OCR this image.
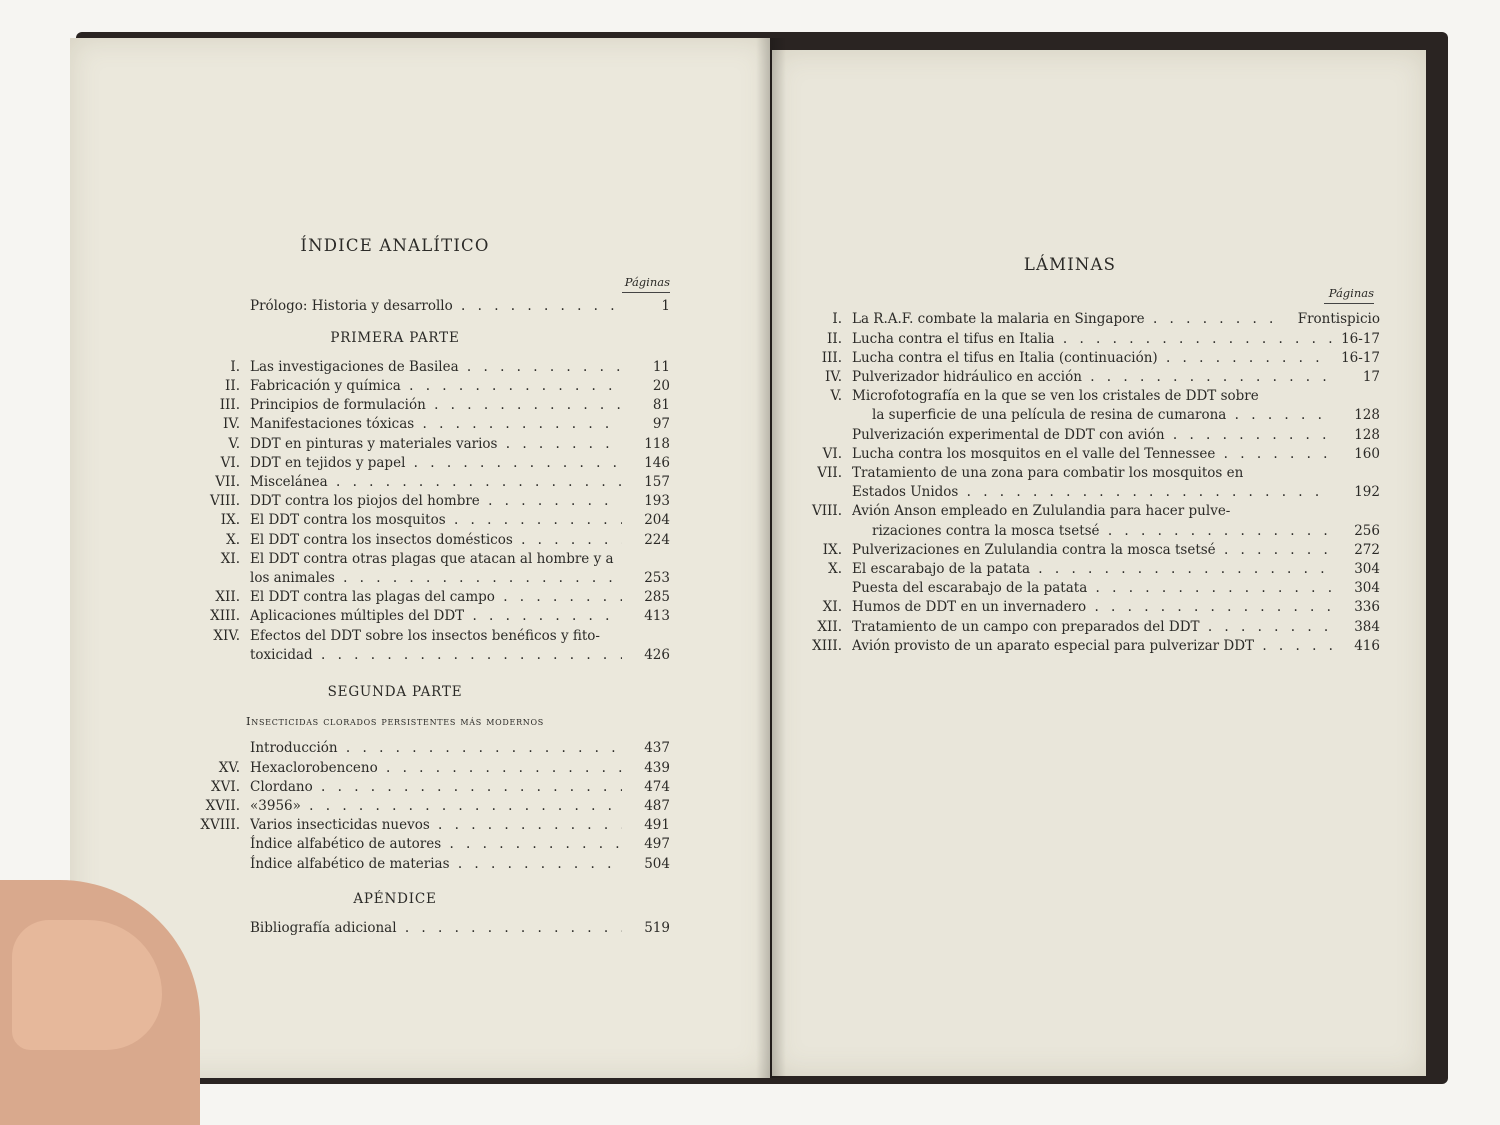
ÍNDICE ANALÍTICO
Páginas
Prólogo: Historia y desarrollo . . .	1
PRIMERA PARTE
I. Las investigaciones de Basilea . . .	11
II. Fabricación y química . . .	20
III. Principios de formulación . . .	81
IV. Manifestaciones tóxicas . . .	97
V. DDT en pinturas y materiales varios . . .	118
VI. DDT en tejidos y papel . . .	146
VII. Miscelánea . . .	157
VIII. DDT contra los piojos del hombre . . .	193
IX. El DDT contra los mosquitos . . .	204
X. El DDT contra los insectos domésticos . . .	224
XI. El DDT contra otras plagas que atacan al hombre y a
los animales . . .	253
XII. El DDT contra las plagas del campo . . .	285
XIII. Aplicaciones múltiples del DDT . . .	413
XIV. Efectos del DDT sobre los insectos benéficos y fito-
toxicidad . . .	426
SEGUNDA PARTE
Insecticidas clorados persistentes más modernos
Introducción . . .	437
XV. Hexaclorobenceno . . .	439
XVI. Clordano . . .	474
XVII. «3956» . . .	487
XVIII. Varios insecticidas nuevos . . .	491
Índice alfabético de autores . . .	497
Índice alfabético de materias . . .	504
APÉNDICE
Bibliografía adicional . . .	519
LÁMINAS
Páginas
I. La R.A.F. combate la malaria en Singapore . . .	Frontispicio
II. Lucha contra el tifus en Italia . . .	16-17
III. Lucha contra el tifus en Italia (continuación) . . .	16-17
IV. Pulverizador hidráulico en acción . . .	17
V. Microfotografía en la que se ven los cristales de DDT sobre
la superficie de una película de resina de cumarona . . .	128
Pulverización experimental de DDT con avión . . .	128
VI. Lucha contra los mosquitos en el valle del Tennessee . . .	160
VII. Tratamiento de una zona para combatir los mosquitos en
Estados Unidos . . .	192
VIII. Avión Anson empleado en Zululandia para hacer pulve-
rizaciones contra la mosca tsetsé . . .	256
IX. Pulverizaciones en Zululandia contra la mosca tsetsé . . .	272
X. El escarabajo de la patata . . .	304
Puesta del escarabajo de la patata . . .	304
XI. Humos de DDT en un invernadero . . .	336
XII. Tratamiento de un campo con preparados del DDT . . .	384
XIII. Avión provisto de un aparato especial para pulverizar DDT . . .	416
